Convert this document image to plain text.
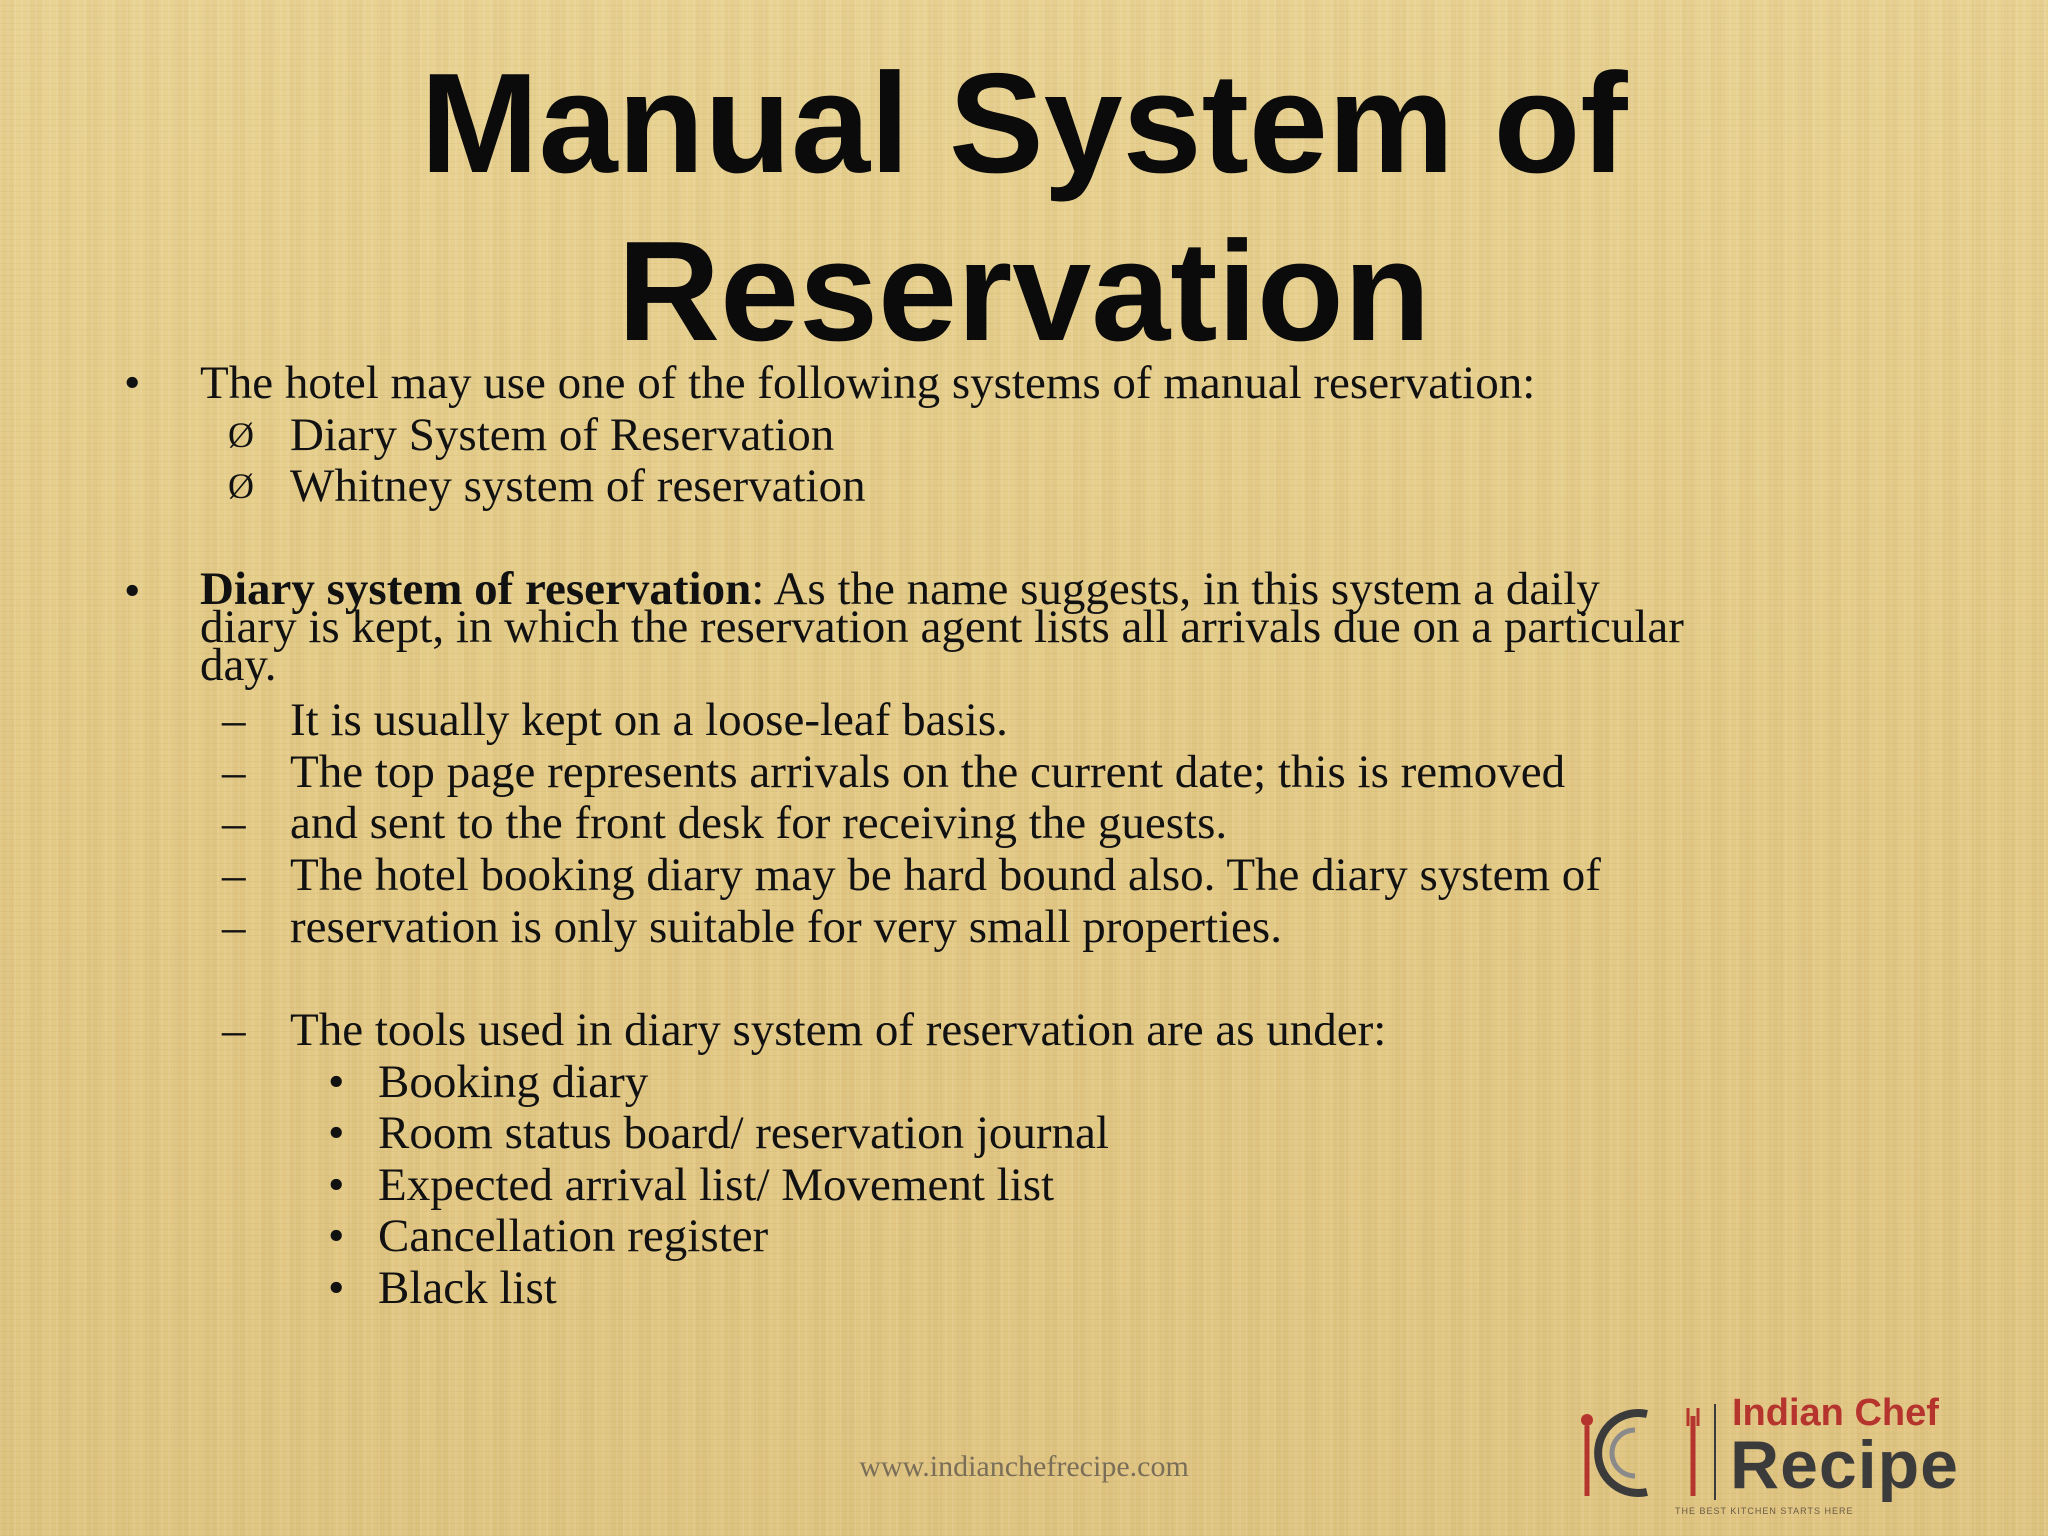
Manual System of
Reservation
• The hotel may use one of the following systems of manual reservation:
Ø Diary System of Reservation
Ø Whitney system of reservation
• Diary system of reservation: As the name suggests, in this system a daily
diary is kept, in which the reservation agent lists all arrivals due on a particular
day.
– It is usually kept on a loose-leaf basis.
– The top page represents arrivals on the current date; this is removed
– and sent to the front desk for receiving the guests.
– The hotel booking diary may be hard bound also. The diary system of
– reservation is only suitable for very small properties.
– The tools used in diary system of reservation are as under:
• Booking diary
• Room status board/ reservation journal
• Expected arrival list/ Movement list
• Cancellation register
• Black list
www.indianchefrecipe.com
Indian Chef
Recipe
THE BEST KITCHEN STARTS HERE
